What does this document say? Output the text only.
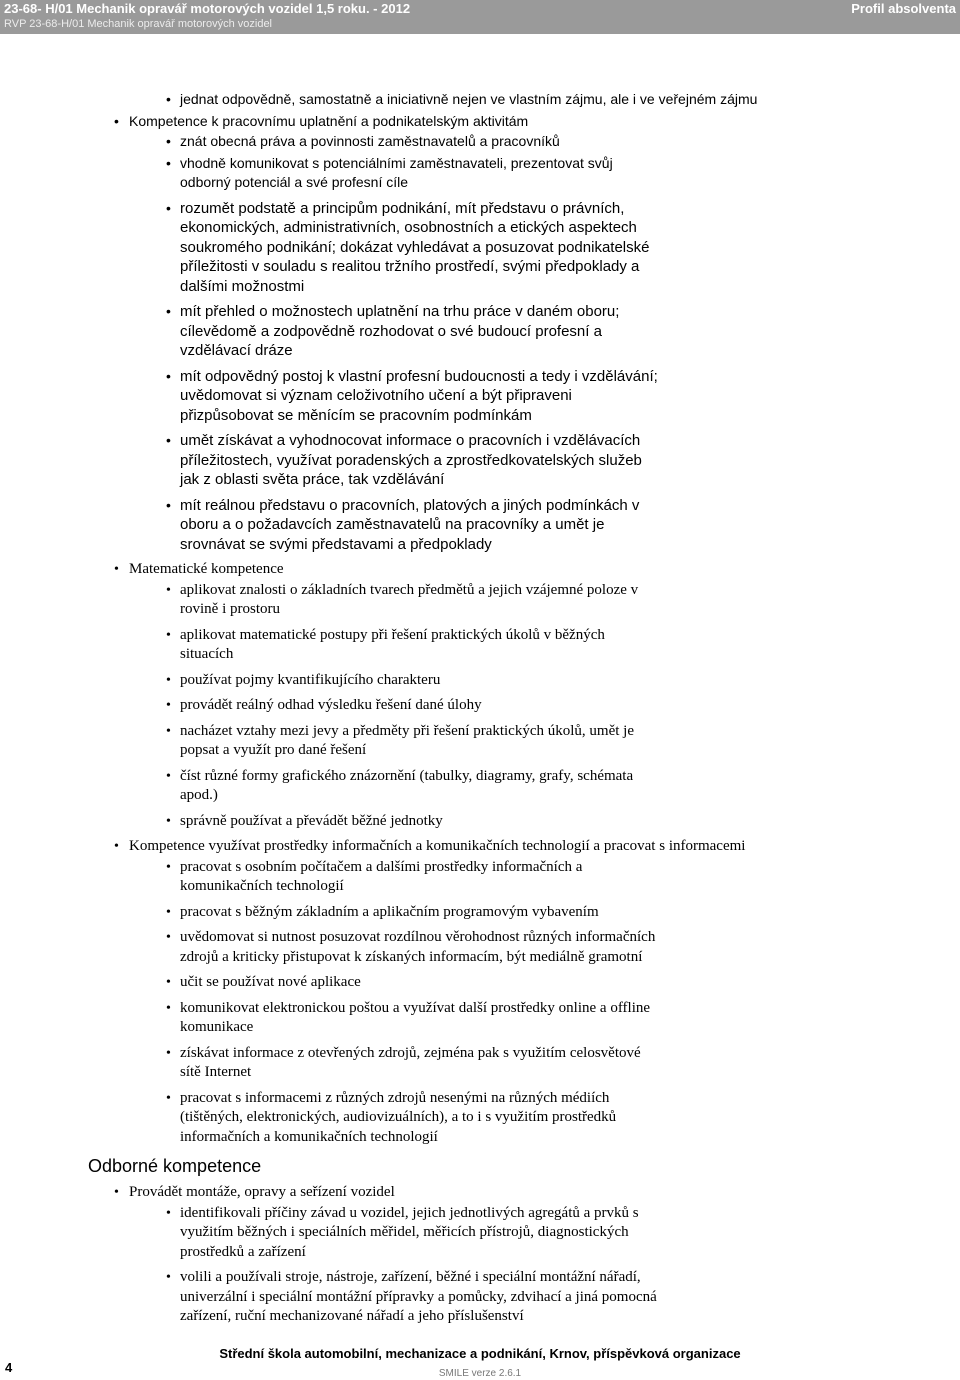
23-68- H/01 Mechanik opravář motorových vozidel 1,5 roku. - 2012
RVP 23-68-H/01 Mechanik opravář motorových vozidel
Profil absolventa
• jednat odpovědně, samostatně a iniciativně nejen ve vlastním zájmu, ale i ve veřejném zájmu
• Kompetence k pracovnímu uplatnění a podnikatelským aktivitám
• znát obecná práva a povinnosti zaměstnavatelů a pracovníků
• vhodně komunikovat s potenciálními zaměstnavateli, prezentovat svůj odborný potenciál a své profesní cíle
• rozumět podstatě a principům podnikání, mít představu o právních, ekonomických, administrativních, osobnostních a etických aspektech soukromého podnikání; dokázat vyhledávat a posuzovat podnikatelské příležitosti v souladu s realitou tržního prostředí, svými předpoklady a dalšími možnostmi
• mít přehled o možnostech uplatnění na trhu práce v daném oboru; cílevědomě a zodpovědně rozhodovat o své budoucí profesní a vzdělávací dráze
• mít odpovědný postoj k vlastní profesní budoucnosti a tedy i vzdělávání; uvědomovat si význam celoživotního učení a být připraveni přizpůsobovat se měnícím se pracovním podmínkám
• umět získávat a vyhodnocovat informace o pracovních i vzdělávacích příležitostech, využívat poradenských a zprostředkovatelských služeb jak z oblasti světa práce, tak vzdělávání
• mít reálnou představu o pracovních, platových a jiných podmínkách v oboru a o požadavcích zaměstnavatelů na pracovníky a umět je srovnávat se svými představami a předpoklady
• Matematické kompetence
• aplikovat znalosti o základních tvarech předmětů a jejich vzájemné poloze v rovině i prostoru
• aplikovat matematické postupy při řešení praktických úkolů v běžných situacích
• používat pojmy kvantifikujícího charakteru
• provádět reálný odhad výsledku řešení dané úlohy
• nacházet vztahy mezi jevy a předměty při řešení praktických úkolů, umět je popsat a využít pro dané řešení
• číst různé formy grafického znázornění (tabulky, diagramy, grafy, schémata apod.)
• správně používat a převádět běžné jednotky
• Kompetence využívat prostředky informačních a komunikačních technologií a pracovat s informacemi
• pracovat s osobním počítačem a dalšími prostředky informačních a komunikačních technologií
• pracovat s běžným základním a aplikačním programovým vybavením
• uvědomovat si nutnost posuzovat rozdílnou věrohodnost různých informačních zdrojů a kriticky přistupovat k získaných informacím, být mediálně gramotní
• učit se používat nové aplikace
• komunikovat elektronickou poštou a využívat další prostředky online a offline komunikace
• získávat informace z otevřených zdrojů, zejména pak s využitím celosvětové sítě Internet
• pracovat s informacemi z různých zdrojů nesenými na různých médiích (tištěných, elektronických, audiovizuálních), a to i s využitím prostředků informačních a komunikačních technologií
Odborné kompetence
• Provádět montáže, opravy a seřízení vozidel
• identifikovali příčiny závad u vozidel, jejich jednotlivých agregátů a prvků s využitím běžných i speciálních měřidel, měřicích přístrojů, diagnostických prostředků a zařízení
• volili a používali stroje, nástroje, zařízení, běžné i speciální montážní nářadí, univerzální i speciální montážní přípravky a pomůcky, zdvihací a jiná pomocná zařízení, ruční mechanizované nářadí a jeho příslušenství
Střední škola automobilní, mechanizace a podnikání, Krnov, příspěvková organizace
SMILE verze 2.6.1
4
